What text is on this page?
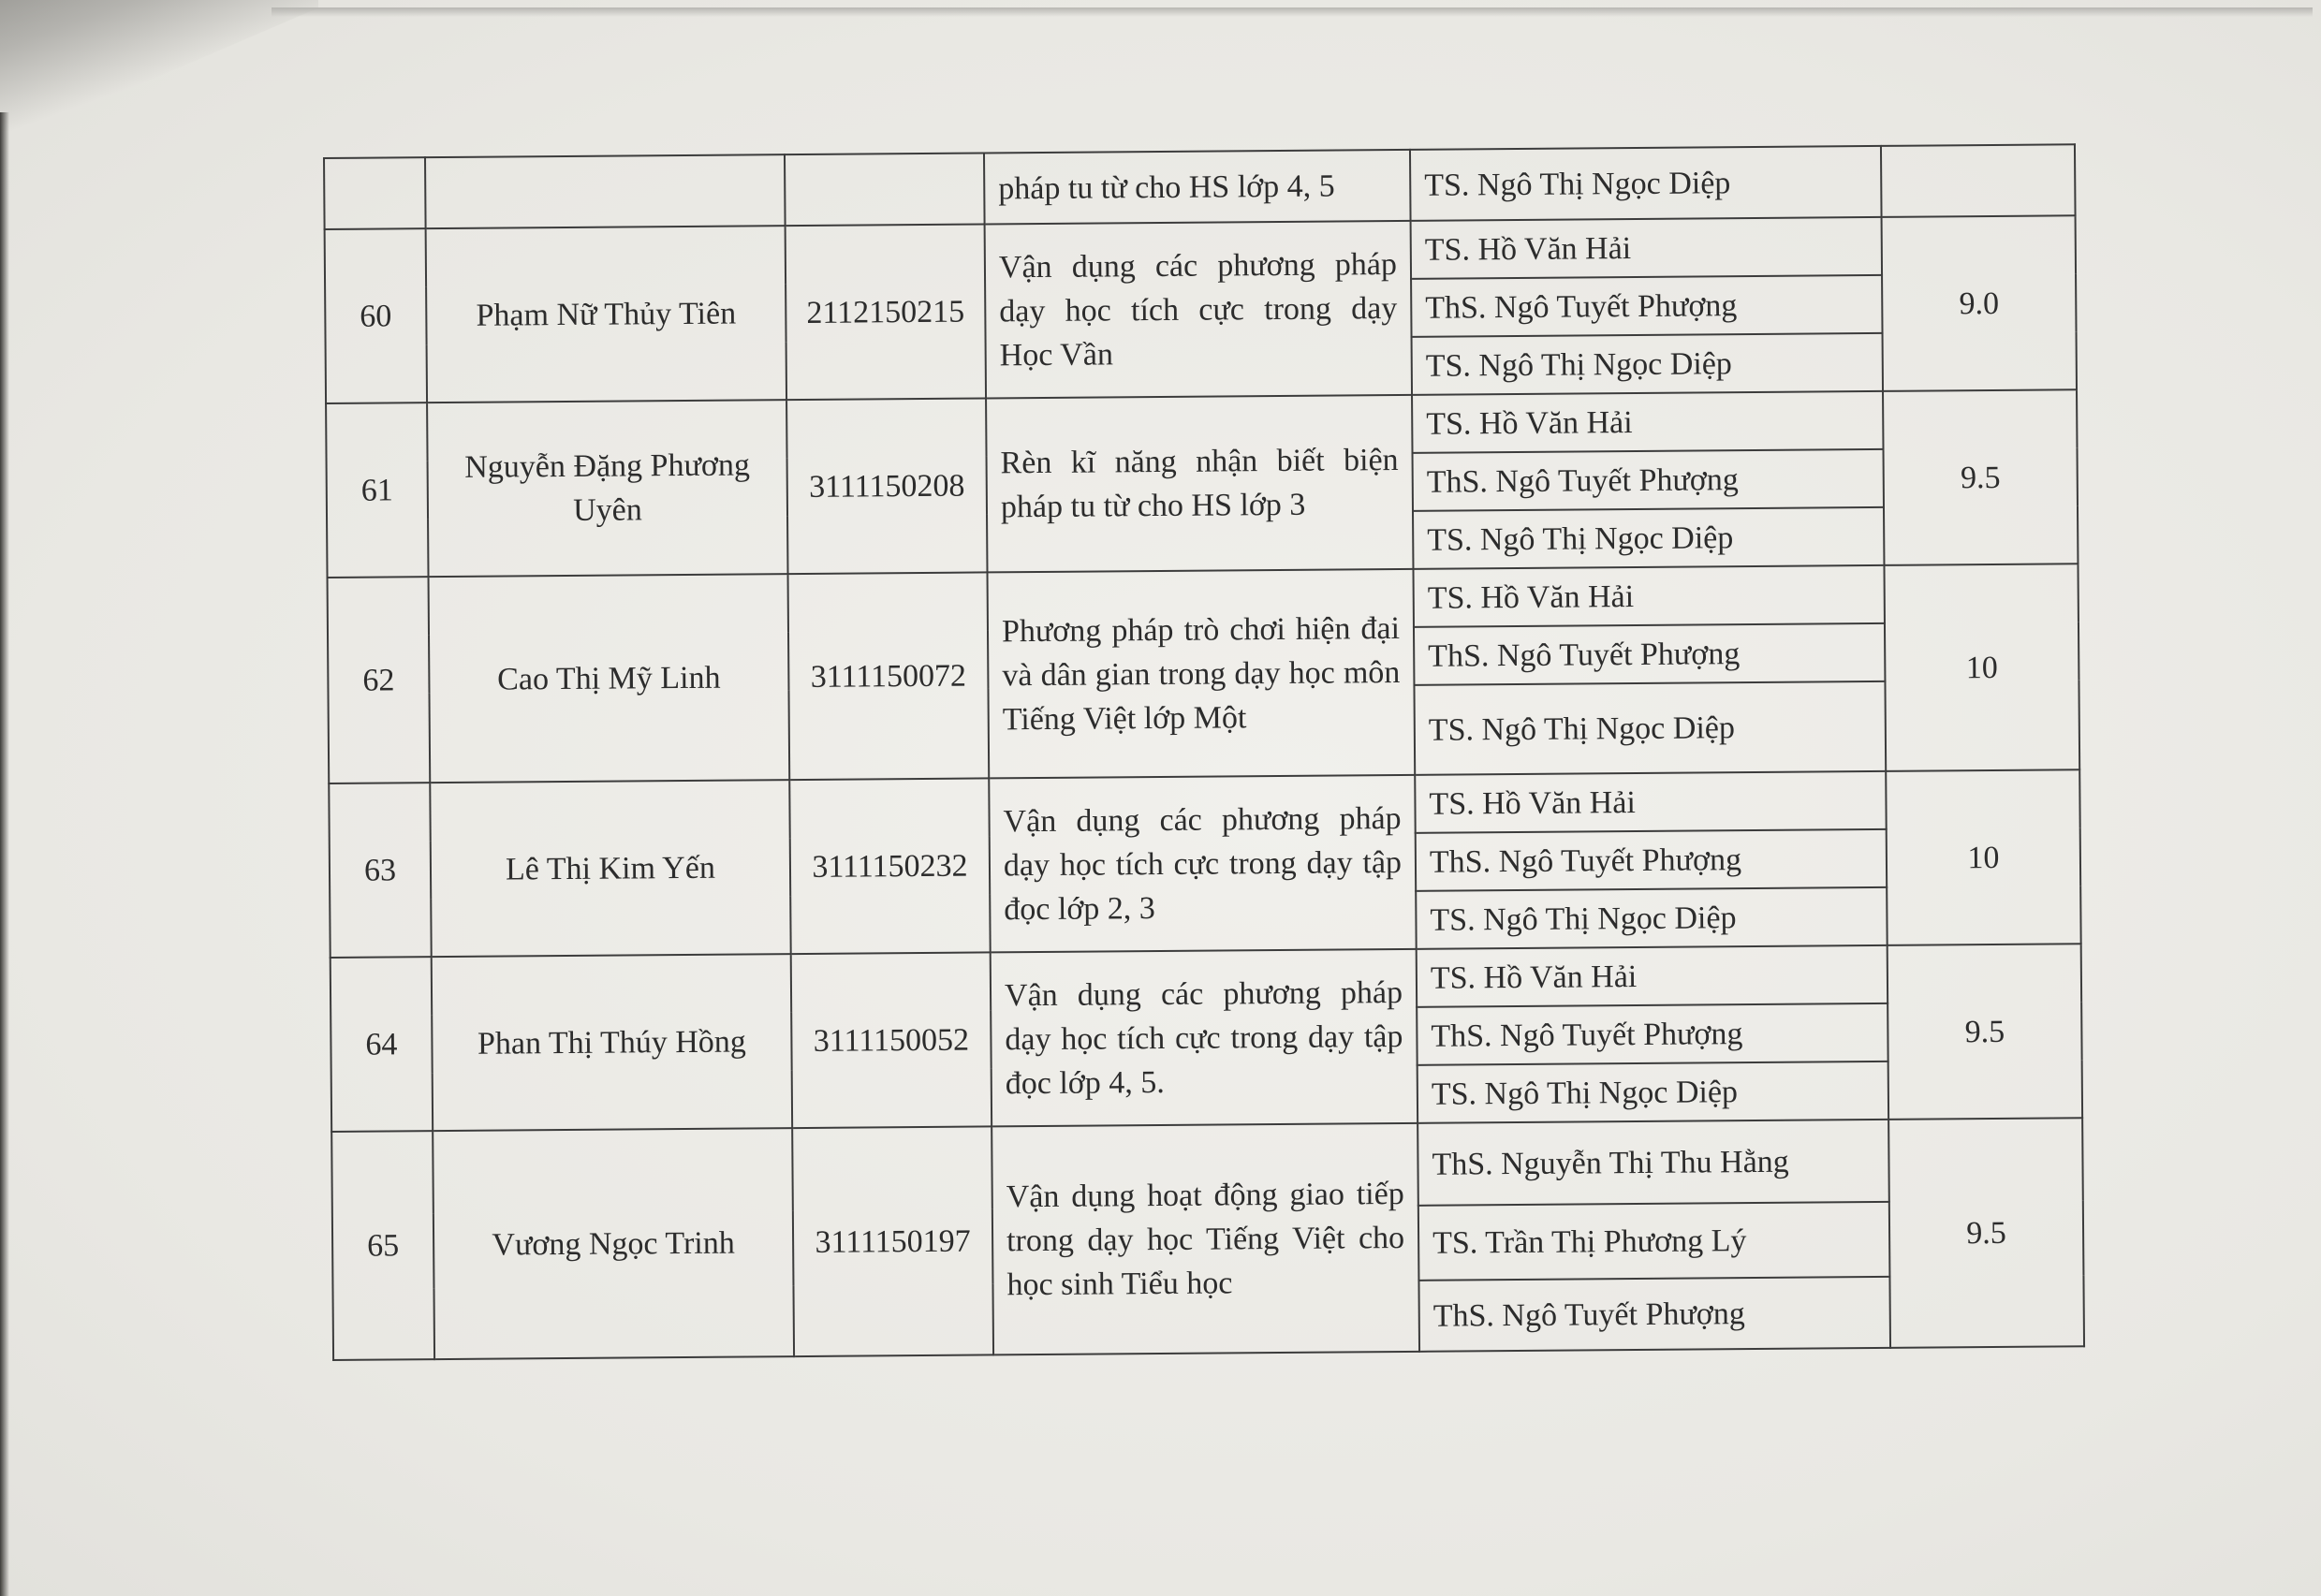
			pháp tu từ cho HS lớp 4, 5	TS. Ngô Thị Ngọc Diệp	
60	Phạm Nữ Thủy Tiên	2112150215	Vận dụng các phương pháp dạy học tích cực trong dạy Học Vần	TS. Hồ Văn Hải	9.0
				ThS. Ngô Tuyết Phượng	
				TS. Ngô Thị Ngọc Diệp	
61	Nguyễn Đặng Phương Uyên	3111150208	Rèn kĩ năng nhận biết biện pháp tu từ cho HS lớp 3	TS. Hồ Văn Hải	9.5
				ThS. Ngô Tuyết Phượng	
				TS. Ngô Thị Ngọc Diệp	
62	Cao Thị Mỹ Linh	3111150072	Phương pháp trò chơi hiện đại và dân gian trong dạy học môn Tiếng Việt lớp Một	TS. Hồ Văn Hải	10
				ThS. Ngô Tuyết Phượng	
				TS. Ngô Thị Ngọc Diệp	
63	Lê Thị Kim Yến	3111150232	Vận dụng các phương pháp dạy học tích cực trong dạy tập đọc lớp 2, 3	TS. Hồ Văn Hải	10
				ThS. Ngô Tuyết Phượng	
				TS. Ngô Thị Ngọc Diệp	
64	Phan Thị Thúy Hồng	3111150052	Vận dụng các phương pháp dạy học tích cực trong dạy tập đọc lớp 4, 5.	TS. Hồ Văn Hải	9.5
				ThS. Ngô Tuyết Phượng	
				TS. Ngô Thị Ngọc Diệp	
65	Vương Ngọc Trinh	3111150197	Vận dụng hoạt động giao tiếp trong dạy học Tiếng Việt cho học sinh Tiểu học	ThS. Nguyễn Thị Thu Hằng	9.5
				TS. Trần Thị Phương Lý	
				ThS. Ngô Tuyết Phượng	
